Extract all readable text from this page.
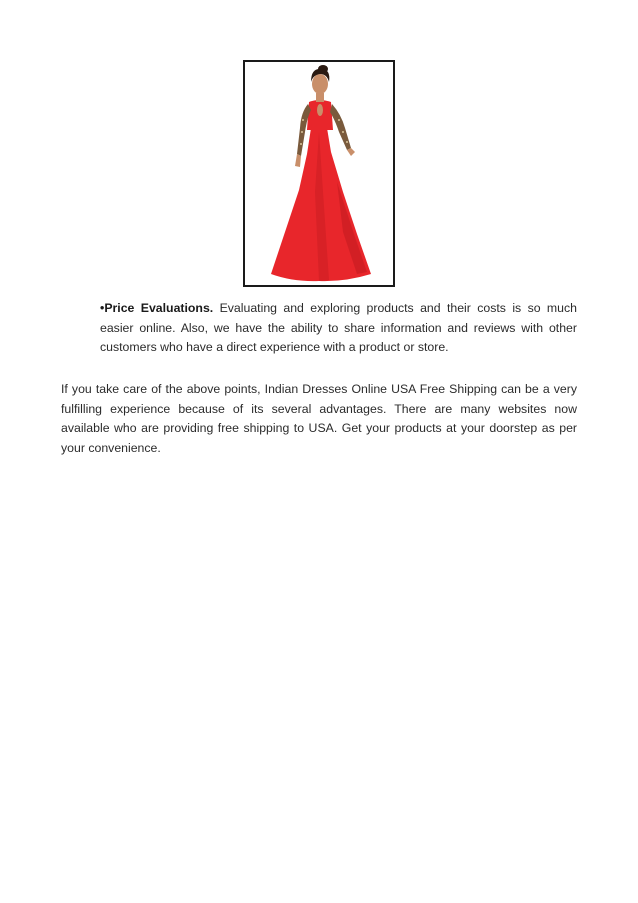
•Price Evaluations. Evaluating and exploring products and their costs is so much easier online. Also, we have the ability to share information and reviews with other customers who have a direct experience with a product or store.
If you take care of the above points, Indian Dresses Online USA Free Shipping can be a very fulfilling experience because of its several advantages. There are many websites now available who are providing free shipping to USA. Get your products at your doorstep as per your convenience.
